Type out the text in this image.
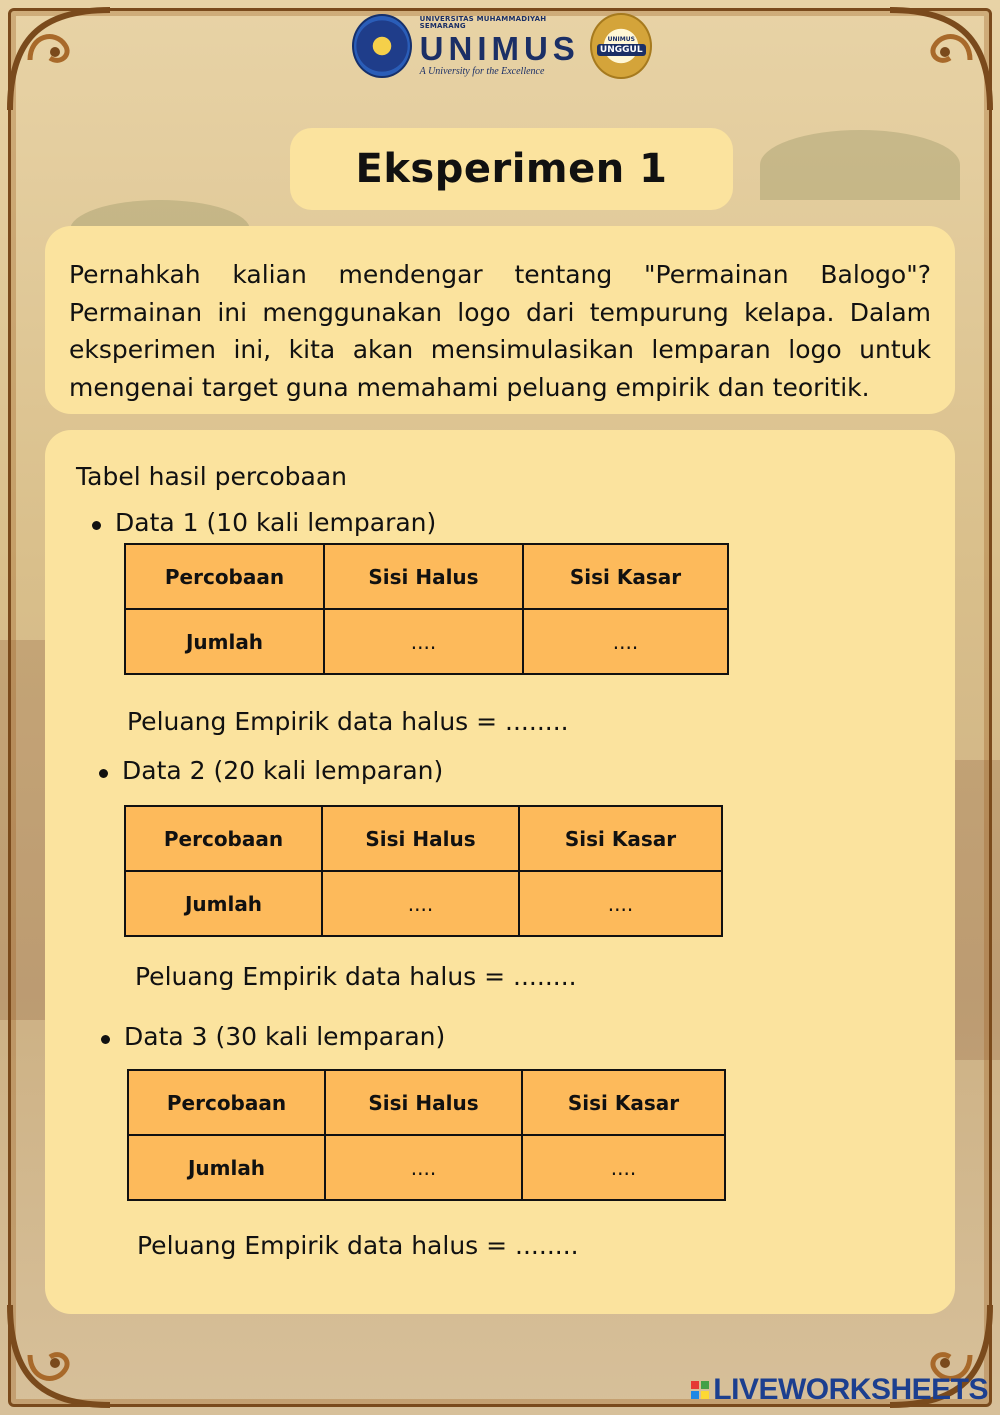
UNIVERSITAS MUHAMMADIYAH SEMARANG
UNIMUS
A University for the Excellence
UNIMUS
UNGGUL
Eksperimen 1

Pernahkah kalian mendengar tentang "Permainan Balogo"? Permainan ini menggunakan logo dari tempurung kelapa. Dalam eksperimen ini, kita akan mensimulasikan lemparan logo untuk mengenai target guna memahami peluang empirik dan teoritik.

Tabel hasil percobaan
Data 1 (10 kali lemparan)
Percobaan	Sisi Halus	Sisi Kasar
Jumlah	....	....
Peluang Empirik data halus = ........
Data 2 (20 kali lemparan)
Percobaan	Sisi Halus	Sisi Kasar
Jumlah	....	....
Peluang Empirik data halus = ........
Data 3 (30 kali lemparan)
Percobaan	Sisi Halus	Sisi Kasar
Jumlah	....	....
Peluang Empirik data halus = ........
LIVEWORKSHEETS
